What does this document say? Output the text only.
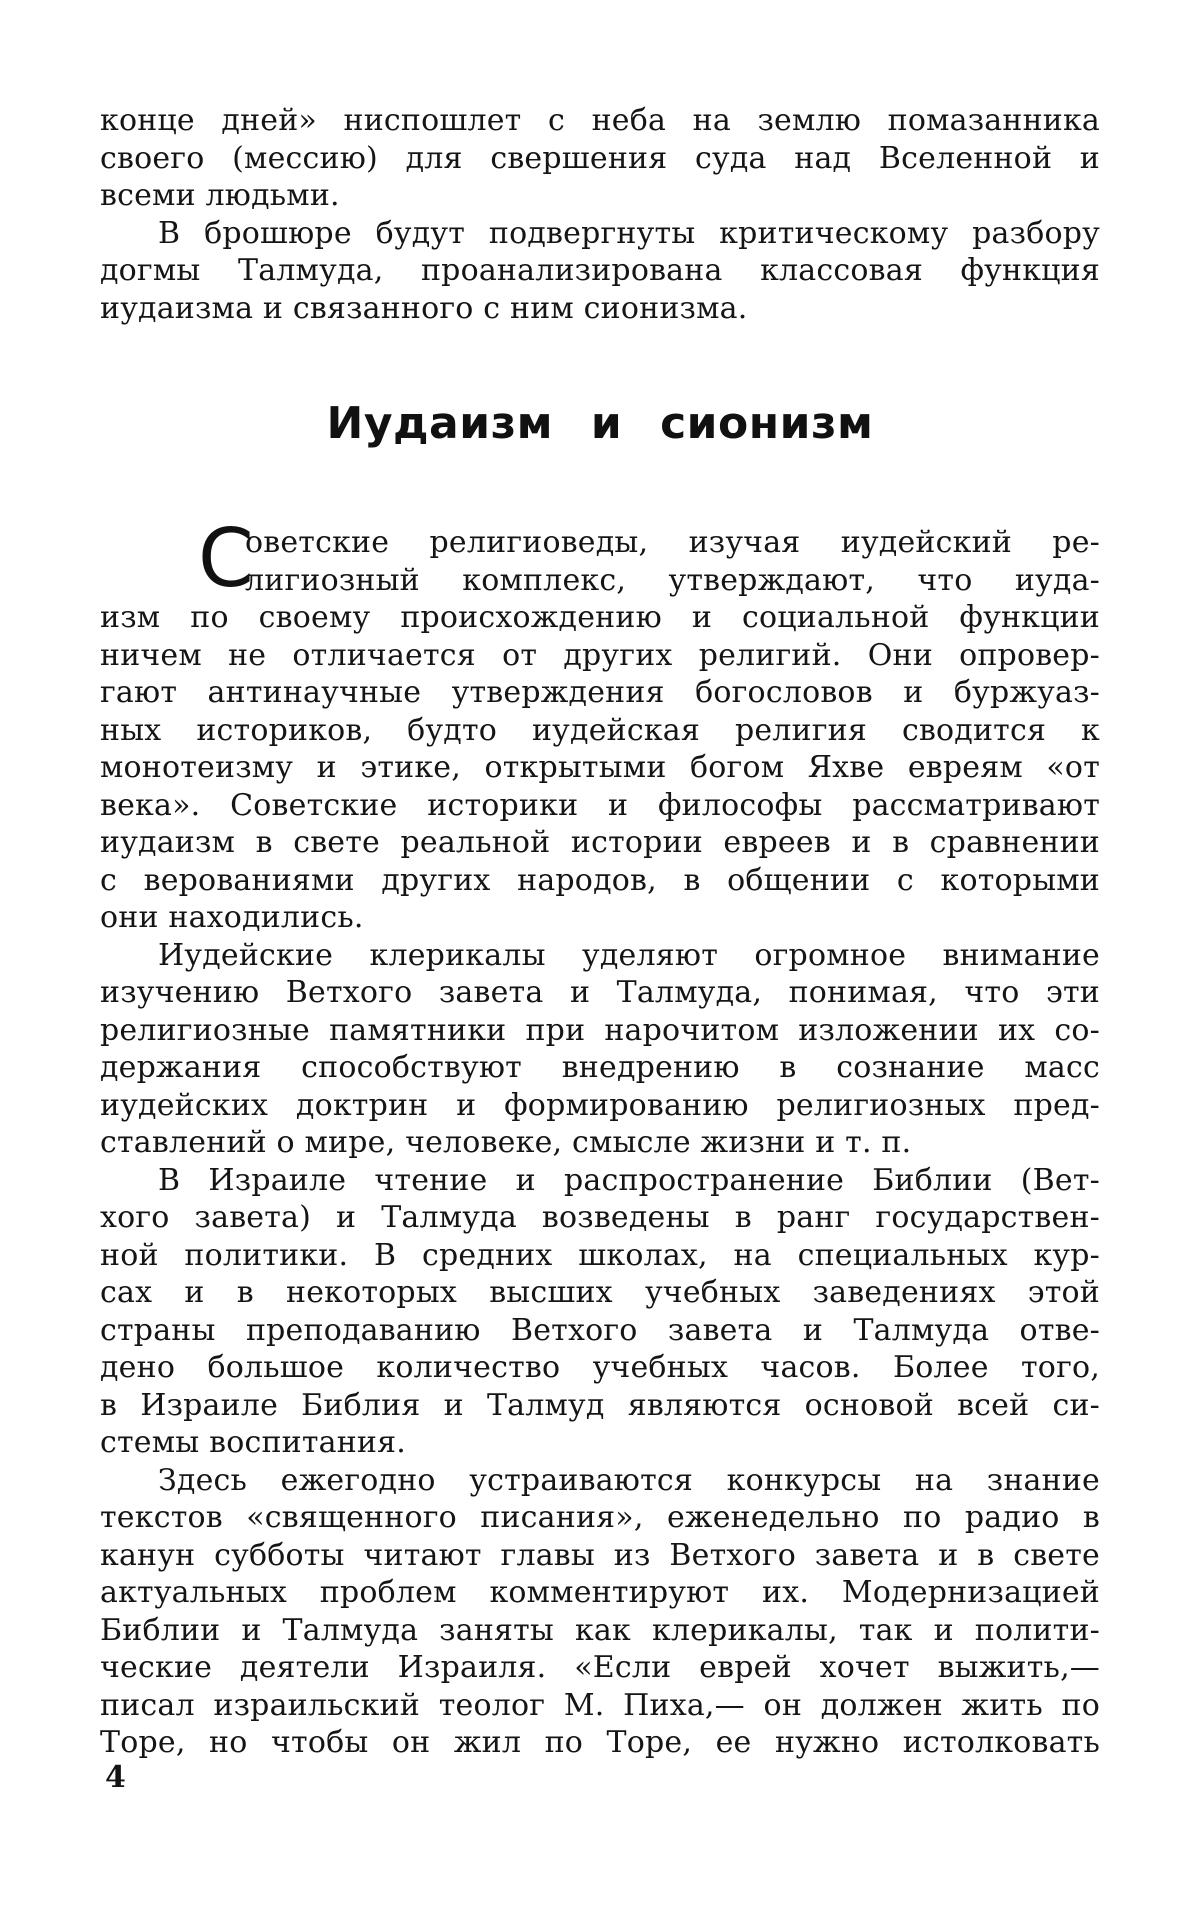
конце дней» ниспошлет с неба на землю помазанника
своего (мессию) для свершения суда над Вселенной и
всеми людьми.
В брошюре будут подвергнуты критическому разбору
догмы Талмуда, проанализирована классовая функция
иудаизма и связанного с ним сионизма.
Иудаизм и сионизм
С
оветские религиоведы, изучая иудейский ре-
лигиозный комплекс, утверждают, что иуда-
изм по своему происхождению и социальной функции
ничем не отличается от других религий. Они опровер-
гают антинаучные утверждения богословов и буржуаз-
ных историков, будто иудейская религия сводится к
монотеизму и этике, открытыми богом Яхве евреям «от
века». Советские историки и философы рассматривают
иудаизм в свете реальной истории евреев и в сравнении
с верованиями других народов, в общении с которыми
они находились.
Иудейские клерикалы уделяют огромное внимание
изучению Ветхого завета и Талмуда, понимая, что эти
религиозные памятники при нарочитом изложении их со-
держания способствуют внедрению в сознание масс
иудейских доктрин и формированию религиозных пред-
ставлений о мире, человеке, смысле жизни и т. п.
В Израиле чтение и распространение Библии (Вет-
хого завета) и Талмуда возведены в ранг государствен-
ной политики. В средних школах, на специальных кур-
сах и в некоторых высших учебных заведениях этой
страны преподаванию Ветхого завета и Талмуда отве-
дено большое количество учебных часов. Более того,
в Израиле Библия и Талмуд являются основой всей си-
стемы воспитания.
Здесь ежегодно устраиваются конкурсы на знание
текстов «священного писания», еженедельно по радио в
канун субботы читают главы из Ветхого завета и в свете
актуальных проблем комментируют их. Модернизацией
Библии и Талмуда заняты как клерикалы, так и полити-
ческие деятели Израиля. «Если еврей хочет выжить,—
писал израильский теолог М. Пиха,— он должен жить по
Торе, но чтобы он жил по Торе, ее нужно истолковать
4
